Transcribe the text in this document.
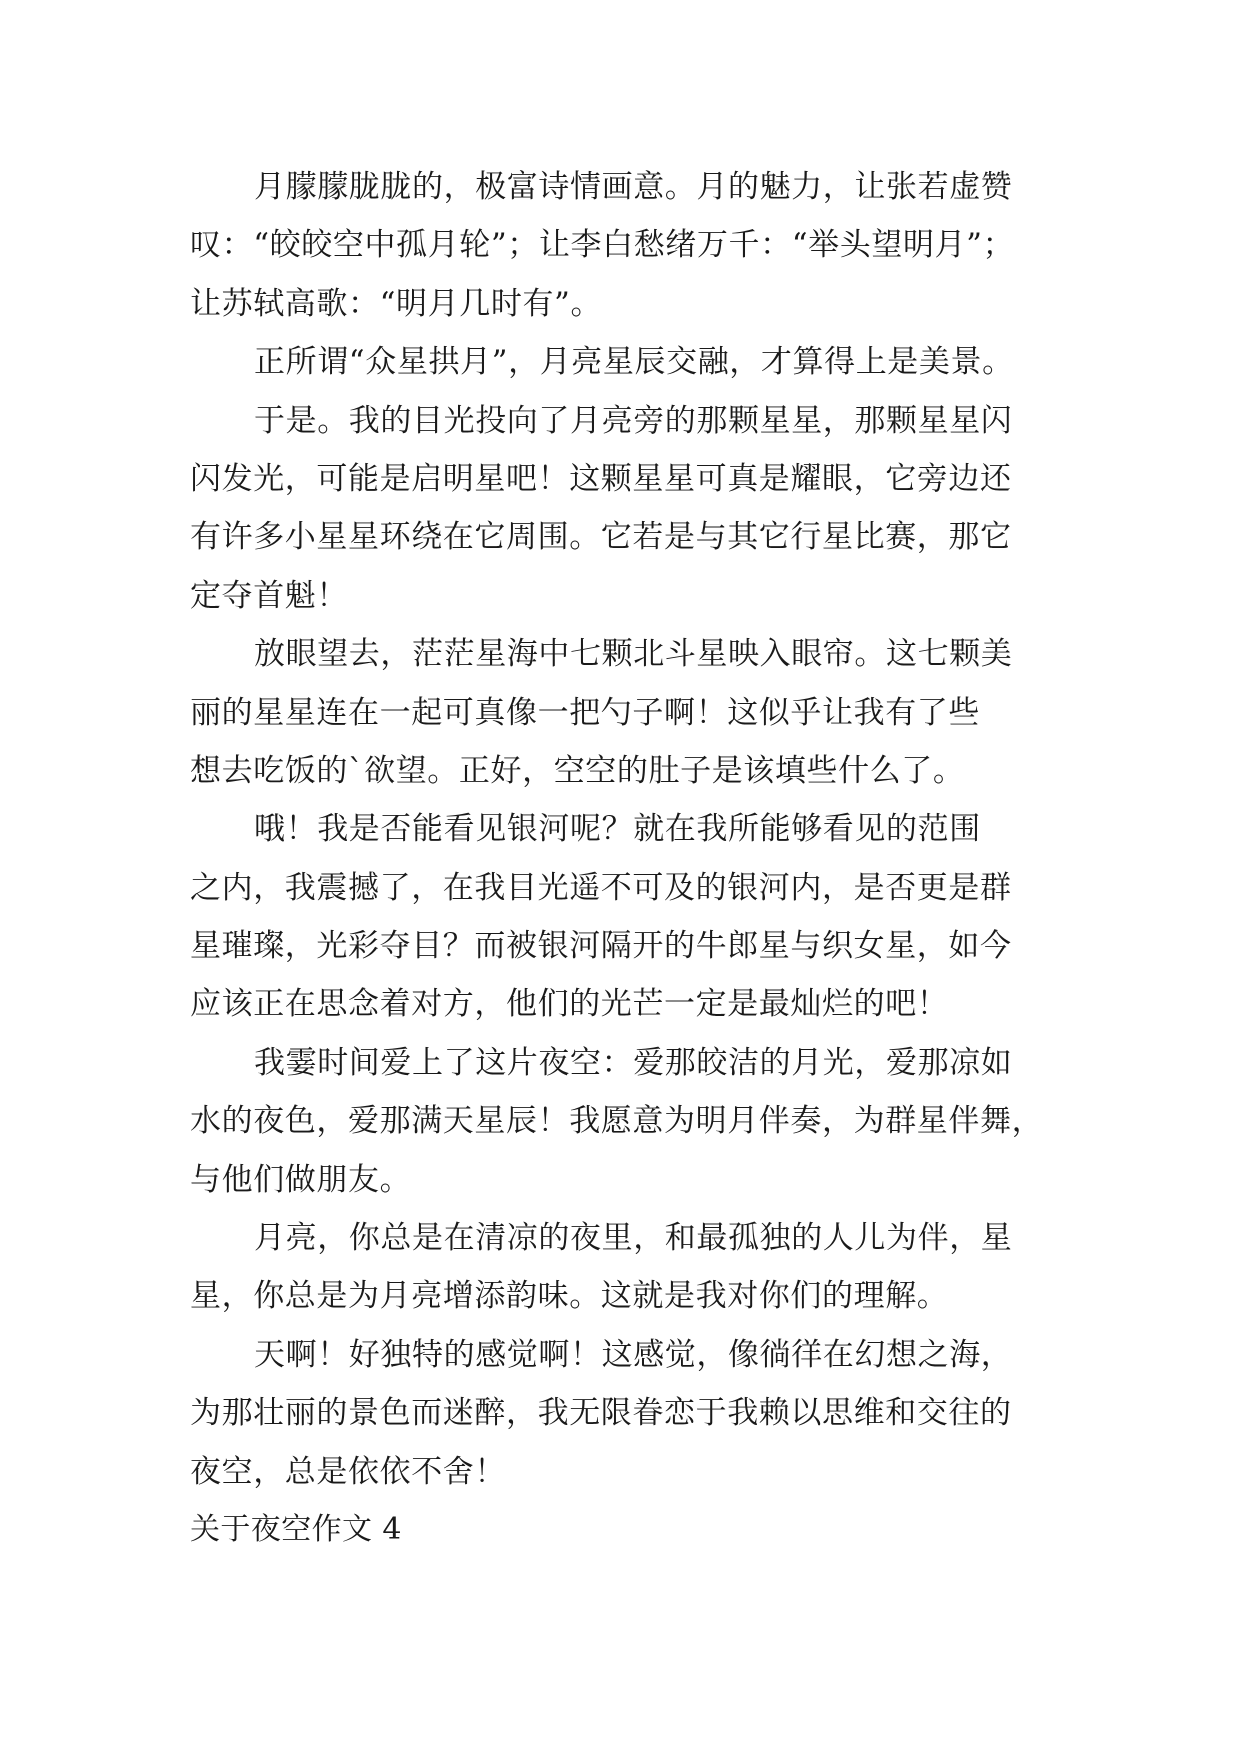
月朦朦胧胧的，极富诗情画意。月的魅力，让张若虚赞
叹：“皎皎空中孤月轮”；让李白愁绪万千：“举头望明月”；
让苏轼高歌：“明月几时有”。
正所谓“众星拱月”，月亮星辰交融，才算得上是美景。
于是。我的目光投向了月亮旁的那颗星星，那颗星星闪
闪发光，可能是启明星吧！这颗星星可真是耀眼，它旁边还
有许多小星星环绕在它周围。它若是与其它行星比赛，那它
定夺首魁！
放眼望去，茫茫星海中七颗北斗星映入眼帘。这七颗美
丽的星星连在一起可真像一把勺子啊！这似乎让我有了些
想去吃饭的`欲望。正好，空空的肚子是该填些什么了。
哦！我是否能看见银河呢？就在我所能够看见的范围
之内，我震撼了，在我目光遥不可及的银河内，是否更是群
星璀璨，光彩夺目？而被银河隔开的牛郎星与织女星，如今
应该正在思念着对方，他们的光芒一定是最灿烂的吧！
我霎时间爱上了这片夜空：爱那皎洁的月光，爱那凉如
水的夜色，爱那满天星辰！我愿意为明月伴奏，为群星伴舞，
与他们做朋友。
月亮，你总是在清凉的夜里，和最孤独的人儿为伴，星
星，你总是为月亮增添韵味。这就是我对你们的理解。
天啊！好独特的感觉啊！这感觉，像徜徉在幻想之海，
为那壮丽的景色而迷醉，我无限眷恋于我赖以思维和交往的
夜空，总是依依不舍！
关于夜空作文 4
